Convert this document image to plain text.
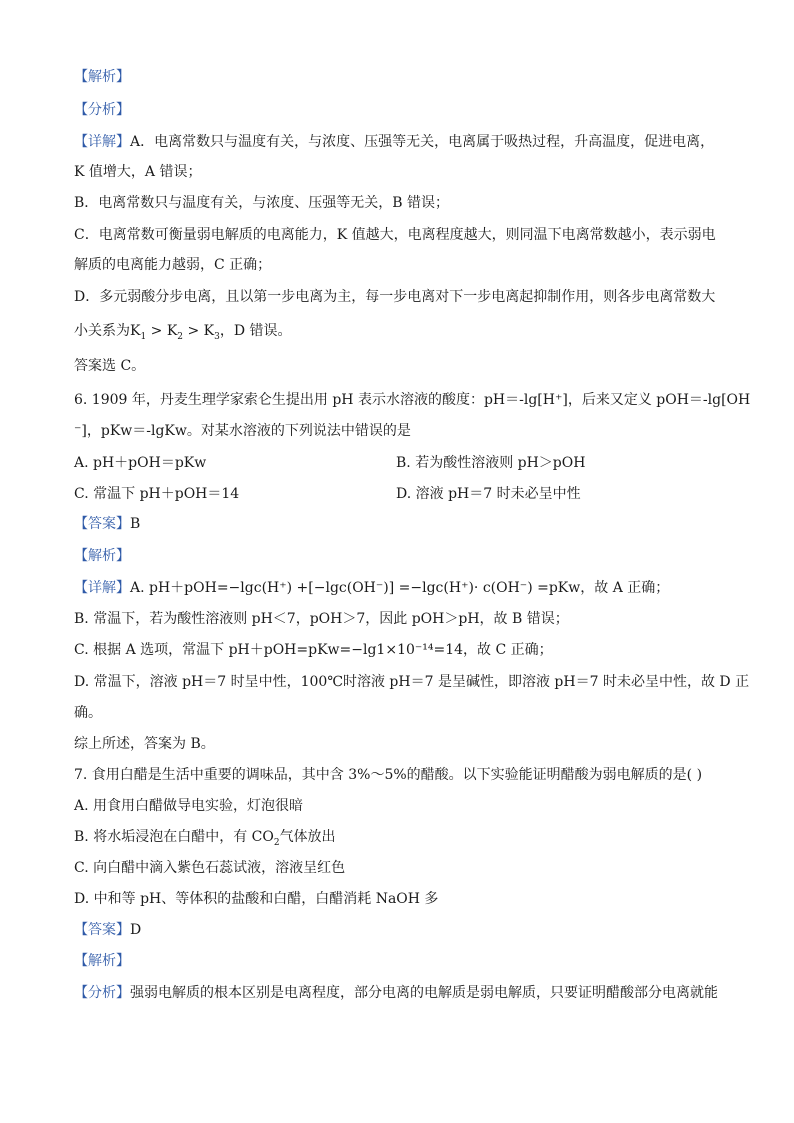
【解析】
【分析】
【详解】A．电离常数只与温度有关，与浓度、压强等无关，电离属于吸热过程，升高温度，促进电离，
K 值增大，A 错误；
B．电离常数只与温度有关，与浓度、压强等无关，B 错误；
C．电离常数可衡量弱电解质的电离能力，K 值越大，电离程度越大，则同温下电离常数越小，表示弱电
解质的电离能力越弱，C 正确；
D．多元弱酸分步电离，且以第一步电离为主，每一步电离对下一步电离起抑制作用，则各步电离常数大
小关系为$K_1 > K_2 > K_3$，D 错误。
答案选 C。
6. 1909 年，丹麦生理学家索仑生提出用 pH 表示水溶液的酸度：pH＝-lg[H⁺]，后来又定义 pOH＝-lg[OH
⁻]，pKw＝-lgKw。对某水溶液的下列说法中错误的是
A. pH＋pOH＝pKw	B. 若为酸性溶液则 pH＞pOH
C. 常温下 pH＋pOH＝14	D. 溶液 pH＝7 时未必呈中性
【答案】B
【解析】
【详解】A. pH＋pOH=−lgc(H⁺) +[−lgc(OH⁻)] =−lgc(H⁺)· c(OH⁻) =pKw，故 A 正确；
B. 常温下，若为酸性溶液则 pH＜7，pOH＞7，因此 pOH＞pH，故 B 错误；
C. 根据 A 选项，常温下 pH＋pOH=pKw=−lg1×10⁻¹⁴=14，故 C 正确；
D. 常温下，溶液 pH＝7 时呈中性，100℃时溶液 pH＝7 是呈碱性，即溶液 pH＝7 时未必呈中性，故 D 正
确。
综上所述，答案为 B。
7. 食用白醋是生活中重要的调味品，其中含 3%～5%的醋酸。以下实验能证明醋酸为弱电解质的是( )
A. 用食用白醋做导电实验，灯泡很暗
B. 将水垢浸泡在白醋中，有 $CO_2$气体放出
C. 向白醋中滴入紫色石蕊试液，溶液呈红色
D. 中和等 pH、等体积的盐酸和白醋，白醋消耗 NaOH 多
【答案】D
【解析】
【分析】强弱电解质的根本区别是电离程度，部分电离的电解质是弱电解质，只要证明醋酸部分电离就能
